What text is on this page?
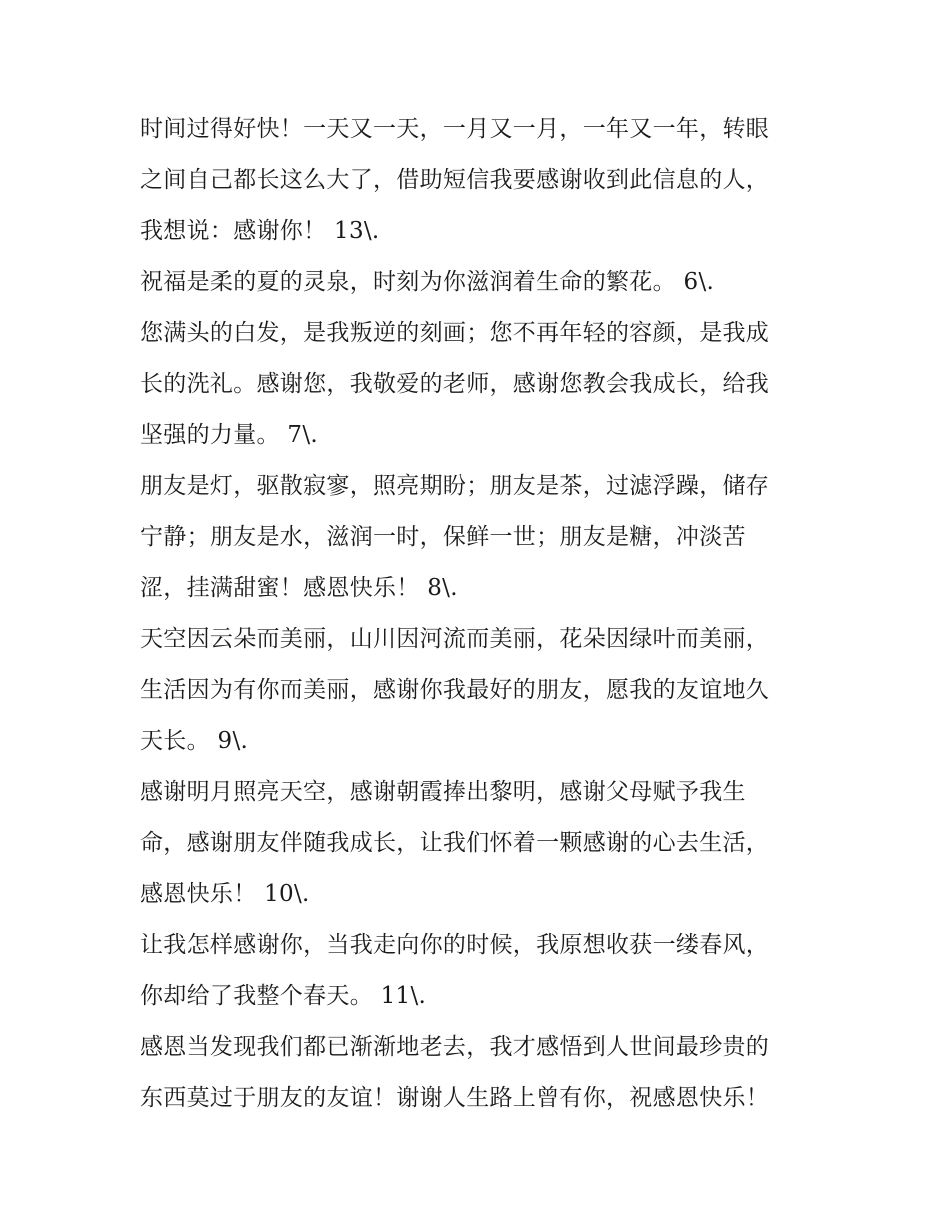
时间过得好快！一天又一天，一月又一月，一年又一年，转眼
之间自己都长这么大了，借助短信我要感谢收到此信息的人，
我想说：感谢你！ 13\.

祝福是柔的夏的灵泉，时刻为你滋润着生命的繁花。 6\.

您满头的白发，是我叛逆的刻画；您不再年轻的容颜，是我成
长的洗礼。感谢您，我敬爱的老师，感谢您教会我成长，给我
坚强的力量。 7\.

朋友是灯，驱散寂寥，照亮期盼；朋友是茶，过滤浮躁，储存
宁静；朋友是水，滋润一时，保鲜一世；朋友是糖，冲淡苦
涩，挂满甜蜜！感恩快乐！ 8\.

天空因云朵而美丽，山川因河流而美丽，花朵因绿叶而美丽，
生活因为有你而美丽，感谢你我最好的朋友，愿我的友谊地久
天长。 9\.

感谢明月照亮天空，感谢朝霞捧出黎明，感谢父母赋予我生
命，感谢朋友伴随我成长，让我们怀着一颗感谢的心去生活，
感恩快乐！ 10\.

让我怎样感谢你，当我走向你的时候，我原想收获一缕春风，
你却给了我整个春天。 11\.

感恩当发现我们都已渐渐地老去，我才感悟到人世间最珍贵的
东西莫过于朋友的友谊！谢谢人生路上曾有你，祝感恩快乐！
